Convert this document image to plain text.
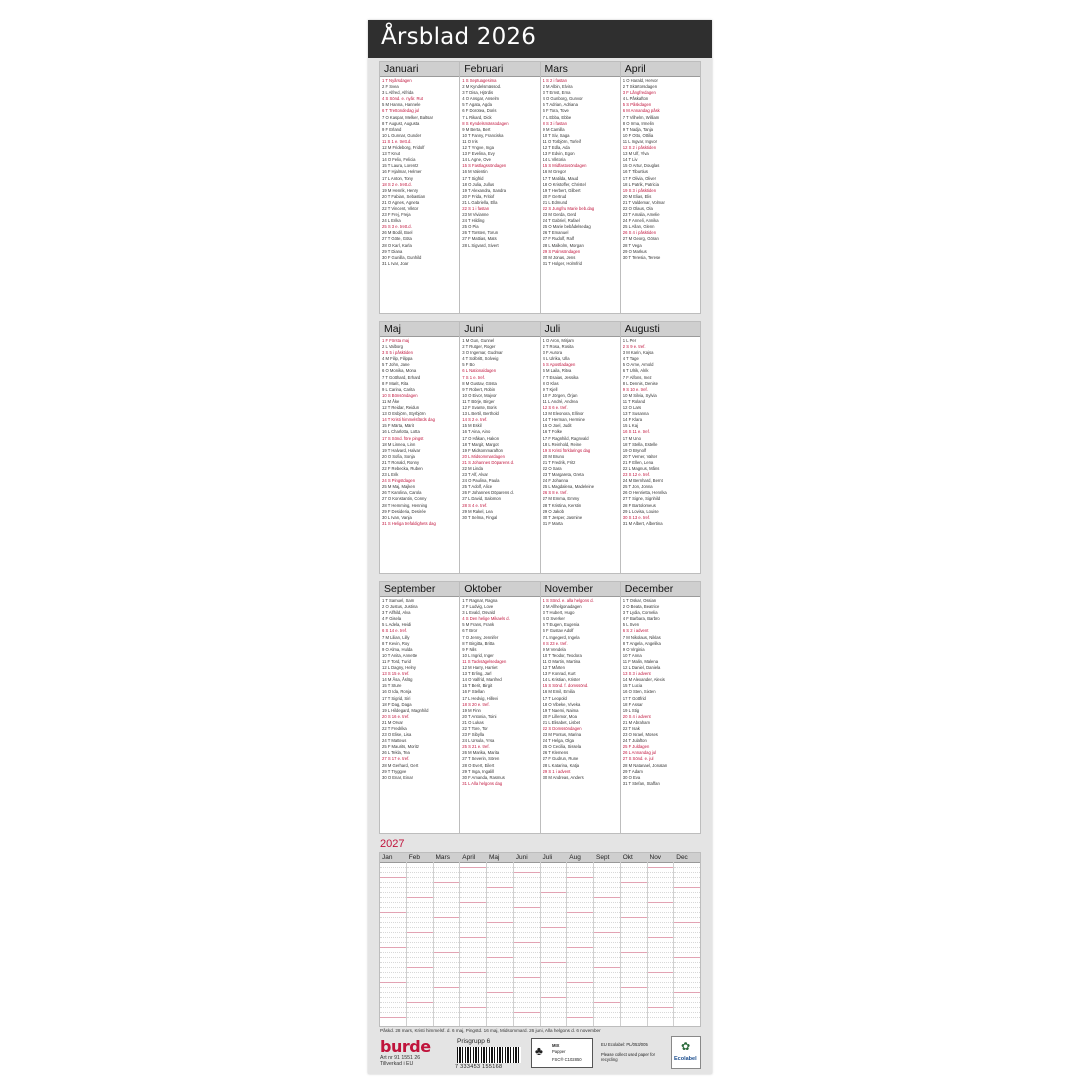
Årsblad 2026
Januari
1 T Nyårsdagen
2 F Svea
3 L Alfred, Alfrida
4 S Sönd. e. nyår. Rut
5 M Hanna, Hannele
6 T Trettondedag jul
7 O Kaspar, Melker, Baltsar
8 T August, Augusta
9 F Erland
10 L Gunnar, Gunder
11 S 1 e. trett.d.
12 M Frideborg, Fridolf
13 T Knut
14 O Felix, Felicia
15 T Laura, Lorentz
16 F Hjalmar, Helmer
17 L Anton, Tony
18 S 2 e. trett.d.
19 M Henrik, Henry
20 T Fabian, Sebastian
21 O Agnes, Agneta
22 T Vincent, Viktor
23 F Frej, Freja
24 L Erika
25 S 3 e. trett.d.
26 M Bodil, Boel
27 T Göte, Göta
28 O Karl, Karla
29 T Diana
30 F Gunilla, Gunhild
31 L Ivar, Joar
Februari
1 S Septuagesima
2 M Kyndelsmässod.
3 T Disa, Hjördis
4 O Ansgar, Anselm
5 T Agata, Agda
6 F Dorotea, Doris
7 L Rikard, Dick
8 S Kyndelsmässodagen
9 M Berta, Bert
10 T Fanny, Franciska
11 O Iris
12 T Yngve, Inga
13 F Evelina, Evy
14 L Agne, Ove
15 S Fastlagssöndagen
16 M Valentin
17 T Sigfrid
18 O Julia, Jullus
19 T Alexandra, Sandra
20 F Frida, Fritiof
21 L Gabriella, Ella
22 S 1 i fastan
23 M Vivianne
24 T Hilding
25 O Pia
26 T Torsten, Torun
27 F Mattias, Mats
28 L Sigvard, Sivert
Mars
1 S 2 i fastan
2 M Albin, Elvira
3 T Ernst, Erna
4 O Gunborg, Gunvor
5 T Adrian, Adriana
6 F Tora, Tove
7 L Ebba, Ebbe
8 S 3 i fastan
9 M Camilla
10 T Siv, Saga
11 O Torbjörn, Torleif
12 T Edla, Ada
13 F Edvin, Egon
14 L Viktoria
15 S Midfastosöndagen
16 M Gregor
17 T Matilda, Maud
18 O Kristoffer, Christel
19 T Herbert, Gilbert
20 F Gertrud
21 L Edmund
22 S Jungfru Marie beb.dag
23 M Gerda, Gerd
24 T Gabriel, Rafael
25 O Marie bebådelsedag
26 T Emanuel
27 F Rudolf, Ralf
28 L Malkolm, Morgan
29 S Palmsöndagen
30 M Jonas, Jens
31 T Holger, Holmfrid
April
1 O Harald, Hervor
2 T Skärtorsdagen
3 F Långfredagen
4 L Påskafton
5 S Påskdagen
6 M Annandag påsk
7 T Vilhelm, William
8 O Irma, Irmelin
9 T Nadja, Tanja
10 F Otto, Ottilia
11 L Ingvar, Ingvor
12 S 2 i påsktiden
13 M Ulf, Ylva
14 T Liv
15 O Artur, Douglas
16 T Tiburtius
17 F Olivia, Oliver
18 L Patrik, Patricia
19 S 3 i påsktiden
20 M Elias, Elis
21 T Valdemar, Volmar
22 O Olaus, Ola
23 T Amalia, Amelie
24 F Anneli, Annika
25 L Allan, Glenn
26 S 4 i påsktiden
27 M Georg, Göran
28 T Vega
29 O Markus
30 T Teresia, Terese
Maj
1 F Första maj
2 L Valborg
3 S 5 i påsktiden
4 M Filip, Filippa
5 T John, Jane
6 O Monika, Mona
7 T Gotthard, Erhard
8 F Marit, Rita
9 L Carina, Carita
10 S Bönsöndagen
11 M Åke
12 T Reidar, Reidun
13 O Esbjörn, Styrbjörn
14 T Kristi himmelsfärds dag
15 F Märta, Märit
16 L Charlotta, Lotta
17 S Sönd. före pingst
18 M Linnea, Linn
19 T Halvard, Halvar
20 O Sofia, Sonja
21 T Ronald, Ronny
22 F Rebecka, Ruben
23 L Erik
24 S Pingstdagen
25 M Maj, Majken
26 T Karolina, Carola
27 O Konstantin, Conny
28 T Hemming, Henning
29 F Desideria, Desirée
30 L Ivan, Vanja
31 S Heliga trefaldighets dag
Juni
1 M Gun, Gunnel
2 T Rutger, Roger
3 O Ingemar, Gudmar
4 T Solbritt, Solveig
5 F Bo
6 L Nationaldagen
7 S 1 e. tref.
8 M Gustav, Gösta
9 T Robert, Robin
10 O Eivor, Majvor
11 T Börje, Birger
12 F Svante, Boris
13 L Bertil, Berthold
14 S 2 e. tref.
15 M Eskil
16 T Aina, Aino
17 O Håkan, Hakon
18 T Margit, Margot
19 F Midsommarafton
20 L Midsommardagen
21 S Johannes Döparens d.
22 M Linda
23 T Alf, Alvar
24 O Paulina, Paula
25 T Adolf, Alice
26 F Johannes Döparens d.
27 L David, Salomon
28 S 4 e. tref.
29 M Rakel, Lea
30 T Selma, Fingal
Juli
1 O Aron, Mirjam
2 T Rosa, Rosita
3 F Aurora
4 L Ulrika, Ulla
5 S Apostladagen
6 M Laila, Ritva
7 T Esaias, Jessika
8 O Klas
9 T Kjell
10 F Jörgen, Örjan
11 L André, Andrea
12 S 6 e. tref.
13 M Eleonora, Ellinor
14 T Herman, Hermine
15 O Joel, Judit
16 T Folke
17 F Ragnhild, Ragnvald
18 L Reinhold, Reine
19 S Kristi förklarings dag
20 M Bruno
21 T Fredrik, Fritz
22 O Sara
23 T Margareta, Greta
24 F Johanna
25 L Magdalena, Madeleine
26 S 8 e. tref.
27 M Emma, Emmy
28 T Kristina, Kerstin
29 O Jakob
30 T Jesper, Jasmine
31 F Marta
Augusti
1 L Per
2 S 9 e. tref.
3 M Karin, Kajsa
4 T Tage
5 O Arne, Arnold
6 T Ulrik, Alrik
7 F Alfons, Inez
8 L Dennis, Denise
9 S 10 e. tref.
10 M Silvia, Sylvia
11 T Roland
12 O Lars
13 T Susanna
14 F Klara
15 L Kaj
16 S 11 e. tref.
17 M Uno
18 T Stella, Estelle
19 O Brynolf
20 T Verner, Valter
21 F Ellen, Lena
22 L Magnus, Måns
23 S 12 e. tref.
24 M Bernhard, Bernt
25 T Jon, Jonna
26 O Henrietta, Henrika
27 T Signe, Signhild
28 F Bartolomeus
29 L Lovisa, Louise
30 S 13 e. tref.
31 M Albert, Albertina
September
1 T Samuel, Sam
2 O Justus, Justina
3 T Alfhild, Alva
4 F Gisela
5 L Adela, Heidi
6 S 14 e. tref.
7 M Lilian, Lilly
8 T Kevin, Roy
9 O Alma, Hulda
10 T Anita, Annette
11 F Tord, Turid
12 L Dagny, Helny
13 S 15 e. tref.
14 M Åsa, Åslög
15 T Sture
16 O Ida, Ronja
17 T Sigrid, Siri
18 F Dag, Daga
19 L Hildegard, Magnhild
20 S 16 e. tref.
21 M Orvar
22 T Fredrika
23 O Elise, Lisa
24 T Matteus
25 F Maurits, Moritz
26 L Tekla, Tea
27 S 17 e. tref.
28 M Gerhard, Gert
29 T Tryggve
30 O Enar, Einar
Oktober
1 T Ragnar, Ragna
2 F Ludvig, Love
3 L Evald, Osvald
4 S Den helige Mikaels d.
5 M Frans, Frank
6 T Bror
7 O Jenny, Jennifer
8 T Birgitta, Britta
9 F Nils
10 L Ingrid, Inger
11 S Tacksägelsedagen
12 M Harry, Harriet
13 T Erling, Jarl
14 O Valfrid, Manfred
15 T Berit, Birgit
16 F Stellan
17 L Hedvig, Hillevi
18 S 20 e. tref.
19 M Finn
20 T Antonia, Toini
21 O Lukas
22 T Tore, Tor
23 F Sibylla
24 L Ursula, Yrsa
25 S 21 e. tref.
26 M Marika, Marita
27 T Severin, Sören
28 O Evert, Eilert
29 T Inga, Ingalill
30 F Amanda, Rasmus
31 L Alla helgons dag
November
1 S Sönd. e. alla helgons d.
2 M Allhelgonadagen
3 T Hubert, Hugo
4 O Sverker
5 T Eugen, Eugenia
6 F Gustav Adolf
7 L Ingegerd, Ingela
8 S 23 e. tref.
9 M Vendela
10 T Teodor, Teodora
11 O Martin, Martina
12 T Mårten
13 F Konrad, Kurt
14 L Kristian, Krister
15 S Sönd. f. domssönd.
16 M Emil, Emilia
17 T Leopold
18 O Vibeke, Viveka
19 T Naemi, Naima
20 F Lillemor, Moa
21 L Elisabet, Lisbet
22 S Domssöndagen
23 M Pontus, Marina
24 T Helga, Olga
25 O Cecilia, Sissela
26 T Klemens
27 F Gudrun, Rune
28 L Katarina, Katja
29 S 1 i advent
30 M Andreas, Anders
December
1 T Oskar, Ossian
2 O Beata, Beatrice
3 T Lydia, Cornelia
4 F Barbara, Barbro
5 L Sven
6 S 2 i advent
7 M Nikolaus, Niklas
8 T Angela, Angelika
9 O Virginia
10 T Anna
11 F Malin, Malena
12 L Daniel, Daniela
13 S 3 i advent
14 M Alexander, Alexis
15 T Lucia
16 O Sten, Sixten
17 T Gottfrid
18 F Assar
19 L Stig
20 S 4 i advent
21 M Abraham
22 T Isak
23 O Israel, Moses
24 T Julafton
25 F Juldagen
26 L Annandag jul
27 S Sönd. e. jul
28 M Natanael, Jonatan
29 T Adam
30 O Eva
31 T Stefan, Staffan
2027
Jan	Feb	Mars	April	Maj	Juni	Juli	Aug	Sept	Okt	Nov	Dec
Påskd. 28 mars, Kristi himmelsf. d. 6 maj, Pingstd. 16 maj, Midsommard. 26 juni, Alla helgons d. 6 november
burde
Art nr 91 1551 26
Tillverkad i EU
Prisgrupp 6
7 333453 155168
♣ MIX
Papper
FSC® C102850
EU Ecolabel: PL/053/005
Please collect used paper for recycling
✿
Ecolabel
